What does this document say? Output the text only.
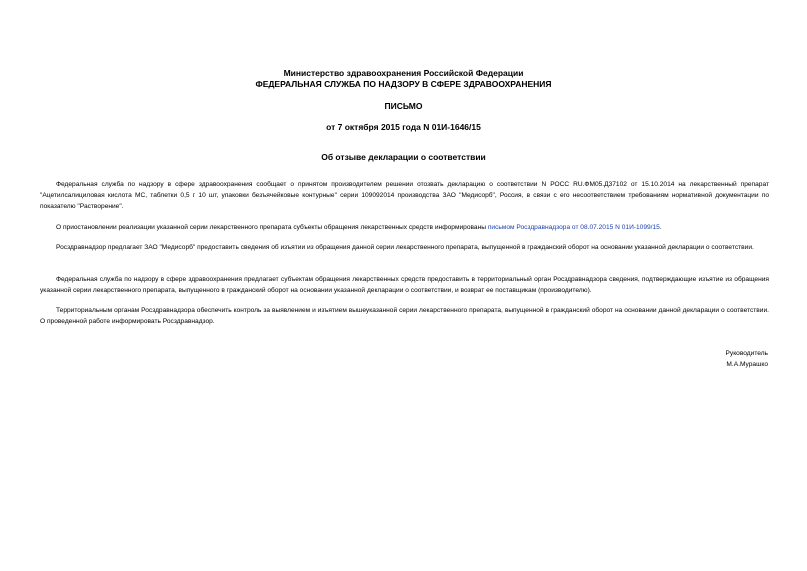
Министерство здравоохранения Российской Федерации
ФЕДЕРАЛЬНАЯ СЛУЖБА ПО НАДЗОРУ В СФЕРЕ ЗДРАВООХРАНЕНИЯ
ПИСЬМО
от 7 октября 2015 года N 01И-1646/15
Об отзыве декларации о соответствии

Федеральная служба по надзору в сфере здравоохранения сообщает о принятом производителем решении отозвать декларацию о соответствии N РОСС RU.ФМ05.Д37102 от 15.10.2014 на лекарственный препарат "Ацетилсалициловая кислота МС, таблетки 0,5 г 10 шт, упаковки безъячейковые контурные" серии 109092014 производства ЗАО "Медисорб", Россия, в связи с его несоответствием требованиям нормативной документации по показателю "Растворение".

О приостановлении реализации указанной серии лекарственного препарата субъекты обращения лекарственных средств информированы письмом Росздравнадзора от 08.07.2015 N 01И-1099/15.

Росздравнадзор предлагает ЗАО "Медисорб" предоставить сведения об изъятии из обращения данной серии лекарственного препарата, выпущенной в гражданский оборот на основании указанной декларации о соответствии.

Федеральная служба по надзору в сфере здравоохранения предлагает субъектам обращения лекарственных средств предоставить в территориальный орган Росздравнадзора сведения, подтверждающие изъятие из обращения указанной серии лекарственного препарата, выпущенного в гражданский оборот на основании указанной декларации о соответствии, и возврат ее поставщикам (производителю).

Территориальным органам Росздравнадзора обеспечить контроль за выявлением и изъятием вышеуказанной серии лекарственного препарата, выпущенной в гражданский оборот на основании данной декларации о соответствии. О проведенной работе информировать Росздравнадзор.

Руководитель
М.А.Мурашко
